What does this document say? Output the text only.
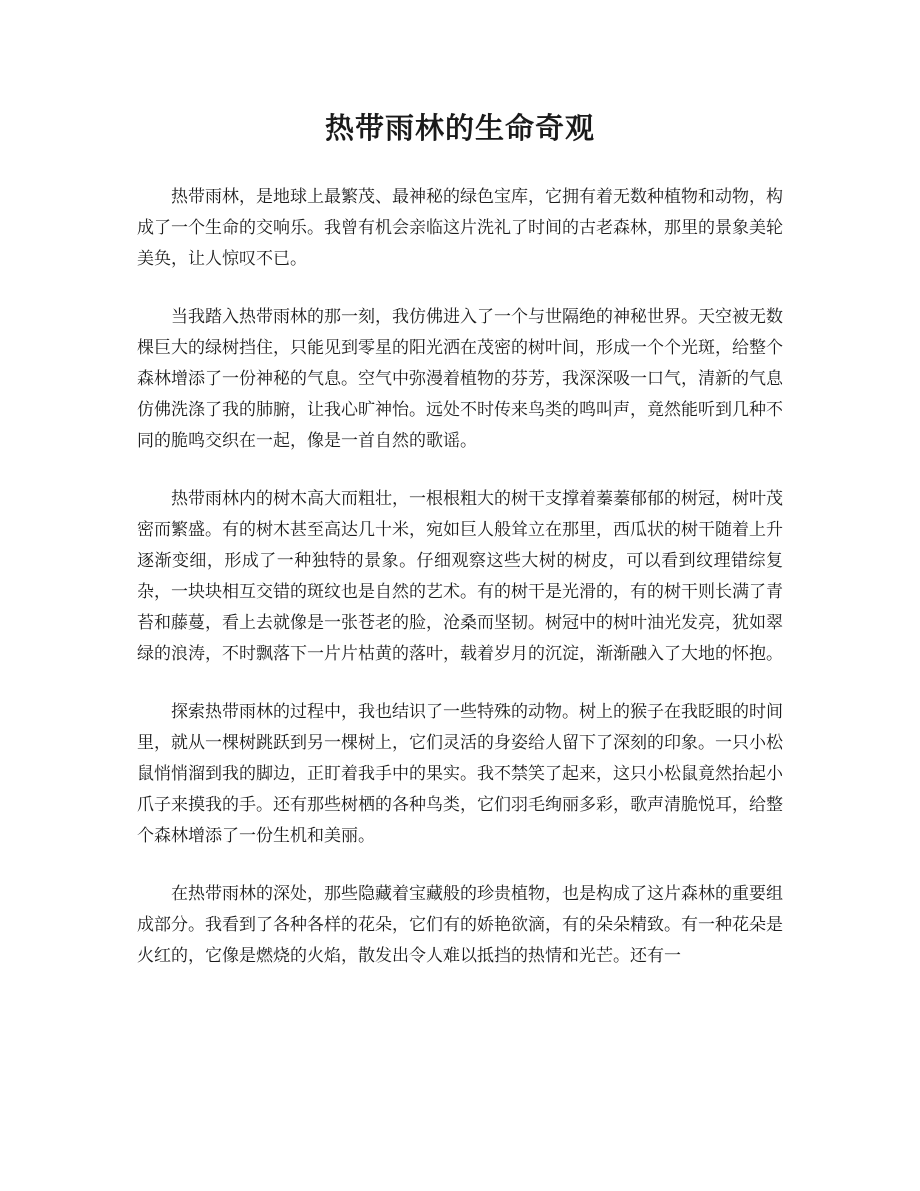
热带雨林的生命奇观

热带雨林，是地球上最繁茂、最神秘的绿色宝库，它拥有着无数种植物和动物，构成了一个生命的交响乐。我曾有机会亲临这片洗礼了时间的古老森林，那里的景象美轮美奂，让人惊叹不已。

当我踏入热带雨林的那一刻，我仿佛进入了一个与世隔绝的神秘世界。天空被无数棵巨大的绿树挡住，只能见到零星的阳光洒在茂密的树叶间，形成一个个光斑，给整个森林增添了一份神秘的气息。空气中弥漫着植物的芬芳，我深深吸一口气，清新的气息仿佛洗涤了我的肺腑，让我心旷神怡。远处不时传来鸟类的鸣叫声，竟然能听到几种不同的脆鸣交织在一起，像是一首自然的歌谣。

热带雨林内的树木高大而粗壮，一根根粗大的树干支撑着蓁蓁郁郁的树冠，树叶茂密而繁盛。有的树木甚至高达几十米，宛如巨人般耸立在那里，西瓜状的树干随着上升逐渐变细，形成了一种独特的景象。仔细观察这些大树的树皮，可以看到纹理错综复杂，一块块相互交错的斑纹也是自然的艺术。有的树干是光滑的，有的树干则长满了青苔和藤蔓，看上去就像是一张苍老的脸，沧桑而坚韧。树冠中的树叶油光发亮，犹如翠绿的浪涛，不时飘落下一片片枯黄的落叶，载着岁月的沉淀，渐渐融入了大地的怀抱。

探索热带雨林的过程中，我也结识了一些特殊的动物。树上的猴子在我眨眼的时间里，就从一棵树跳跃到另一棵树上，它们灵活的身姿给人留下了深刻的印象。一只小松鼠悄悄溜到我的脚边，正盯着我手中的果实。我不禁笑了起来，这只小松鼠竟然抬起小爪子来摸我的手。还有那些树栖的各种鸟类，它们羽毛绚丽多彩，歌声清脆悦耳，给整个森林增添了一份生机和美丽。

在热带雨林的深处，那些隐藏着宝藏般的珍贵植物，也是构成了这片森林的重要组成部分。我看到了各种各样的花朵，它们有的娇艳欲滴，有的朵朵精致。有一种花朵是火红的，它像是燃烧的火焰，散发出令人难以抵挡的热情和光芒。还有一
